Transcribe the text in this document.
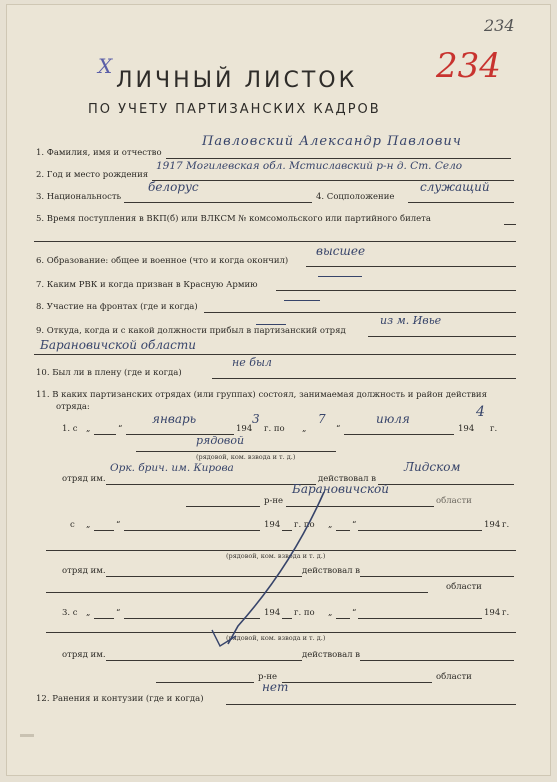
234
234
Х
ЛИЧНЫЙ ЛИСТОК
ПО УЧЕТУ ПАРТИЗАНСКИХ КАДРОВ
1. Фамилия, имя и отчество
Павловский Александр Павлович
2. Год и место рождения
1917 Могилевская обл. Мстиславский р-н д. Ст. Село
3. Национальность
белорус
4. Соцположение
служащий
5. Время поступления в ВКП(б) или ВЛКСМ № комсомольского или партийного билета
6. Образование: общее и военное (что и когда окончил)
высшее
7. Каким РВК и когда призван в Красную Армию
8. Участие на фронтах (где и когда)
9. Откуда, когда и с какой должности прибыл в партизанский отряд
из м. Ивье
Барановичской области
10. Был ли в плену (где и когда)
не был
11. В каких партизанских отрядах (или группах) состоял, занимаемая должность и район действия
отряда:
1. с „	“
январь
194
3
г. по „
7
“
июля
194
4
г.
рядовой
(рядовой, ком. взвода и т. д.)
отряд им.
Орк. брич. им. Кирова
действовал в
Лидском
р-не
Барановичской
области
с „	“	194 г. по „ “	194 г.
(рядовой, ком. взвода и т. д.)
отряд им.	действовал в
области
3. с „	“	194 г. по „ “	194 г.
(рядовой, ком. взвода и т. д.)
отряд им.	действовал в
р-не	области
12. Ранения и контузии (где и когда)
нет
